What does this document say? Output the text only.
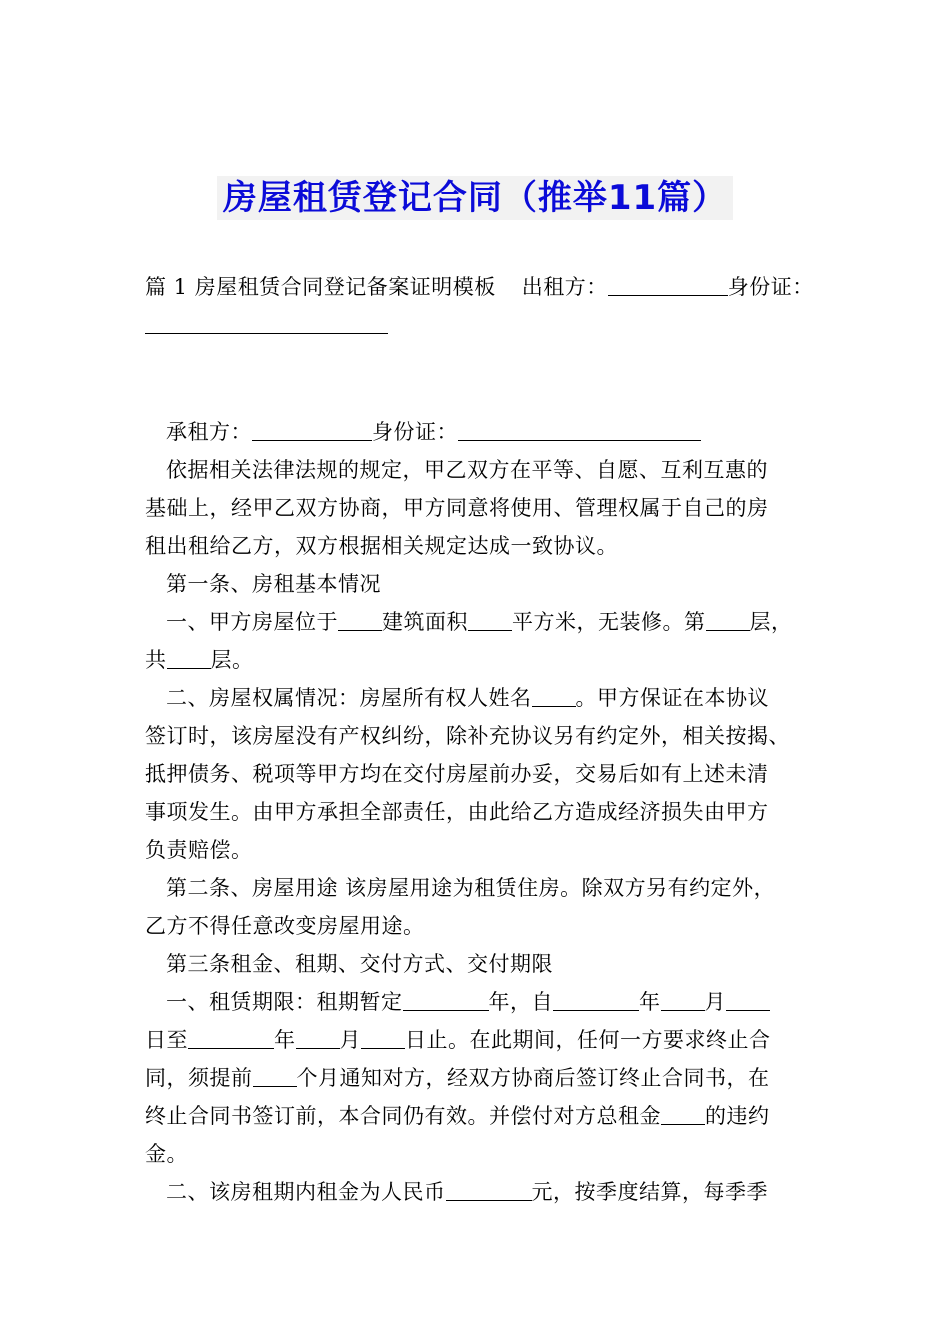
房屋租赁登记合同（推举11篇）

篇 1 房屋租赁合同登记备案证明模板 出租方：	身份证：

承租方：	身份证：

依据相关法律法规的规定，甲乙双方在平等、自愿、互利互惠的

基础上，经甲乙双方协商，甲方同意将使用、管理权属于自己的房

租出租给乙方，双方根据相关规定达成一致协议。

第一条、房租基本情况

一、甲方房屋位于 建筑面积 平方米，无装修。第 层，

共 层。

二、房屋权属情况：房屋所有权人姓名 。甲方保证在本协议

签订时，该房屋没有产权纠纷，除补充协议另有约定外，相关按揭、

抵押债务、税项等甲方均在交付房屋前办妥，交易后如有上述未清

事项发生。由甲方承担全部责任，由此给乙方造成经济损失由甲方

负责赔偿。

第二条、房屋用途 该房屋用途为租赁住房。除双方另有约定外，

乙方不得任意改变房屋用途。

第三条租金、租期、交付方式、交付期限

一、租赁期限：租期暂定	年，自	年 月

日至	年 月 日止。在此期间，任何一方要求终止合

同，须提前 个月通知对方，经双方协商后签订终止合同书，在

终止合同书签订前，本合同仍有效。并偿付对方总租金 的违约

金。

二、该房租期内租金为人民币	元，按季度结算，每季季
